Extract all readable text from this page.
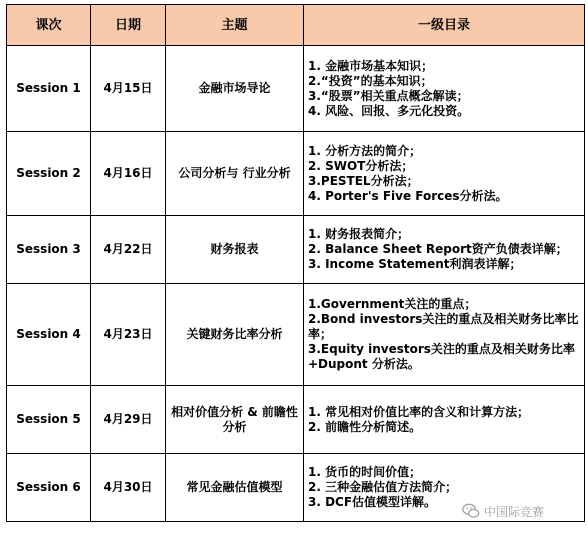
课次	日期	主题	一级目录
Session 1	4月15日	金融市场导论	1. 金融市场基本知识；
2.“投资”的基本知识；
3.“股票”相关重点概念解读；
4. 风险、回报、多元化投资。

Session 2	4月16日	公司分析与 行业分析	1. 分析方法的简介；
2. SWOT分析法；
3.PESTEL分析法；
4. Porter's Five Forces分析法。

Session 3	4月22日	财务报表	1. 财务报表简介；
2. Balance Sheet Report资产负债表详解；
3. Income Statement利润表详解；

Session 4	4月23日	关键财务比率分析	1.Government关注的重点；
2.Bond investors关注的重点及相关财务比率比率；
3.Equity investors关注的重点及相关财务比率+Dupont 分析法。

Session 5	4月29日	相对价值分析 & 前瞻性分析	1. 常见相对价值比率的含义和计算方法；
2. 前瞻性分析简述。

Session 6	4月30日	常见金融估值模型	1. 货币的时间价值；
2. 三种金融估值方法简介；
3. DCF估值模型详解。
中国际竞赛
